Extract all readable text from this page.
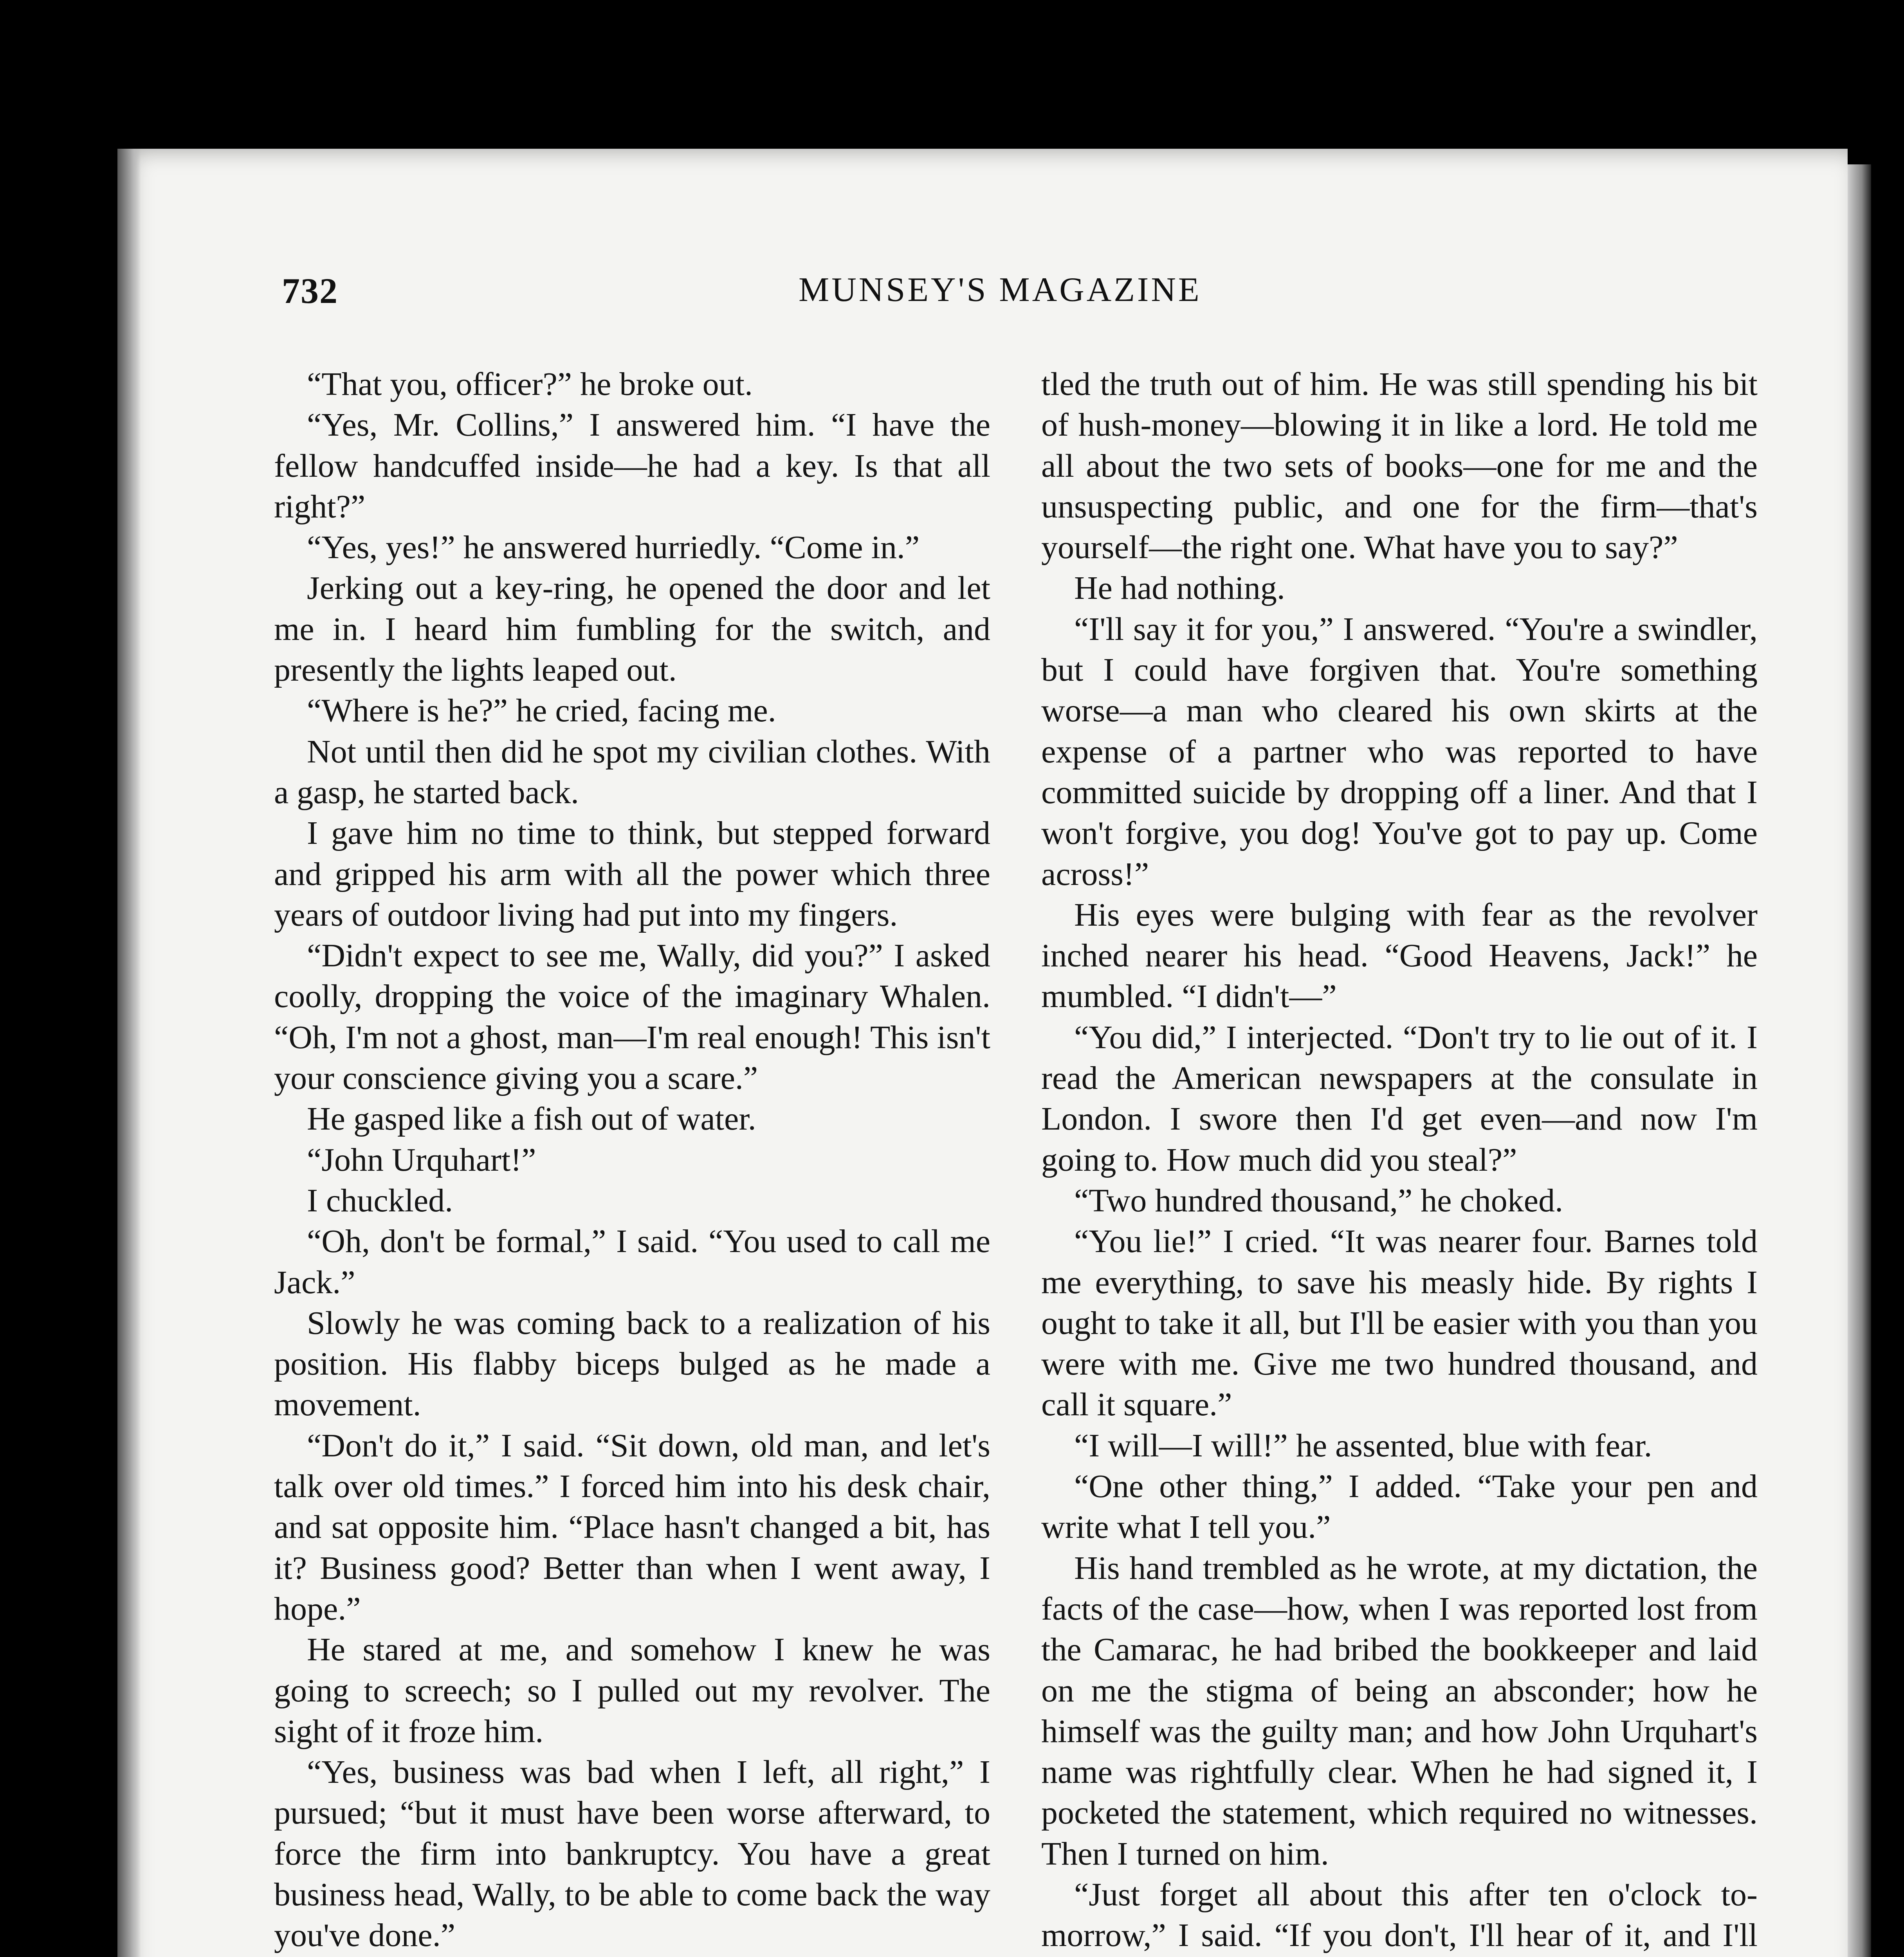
732	MUNSEY'S MAGAZINE

“That you, officer?” he broke out.

“Yes, Mr. Collins,” I answered him. “I have the fellow handcuffed inside—he had a key. Is that all right?”

“Yes, yes!” he answered hurriedly. “Come in.”

Jerking out a key-ring, he opened the door and let me in. I heard him fumbling for the switch, and presently the lights leaped out.

“Where is he?” he cried, facing me.

Not until then did he spot my civilian clothes. With a gasp, he started back.

I gave him no time to think, but stepped forward and gripped his arm with all the power which three years of outdoor living had put into my fingers.

“Didn't expect to see me, Wally, did you?” I asked coolly, dropping the voice of the imaginary Whalen. “Oh, I'm not a ghost, man—I'm real enough! This isn't your conscience giving you a scare.”

He gasped like a fish out of water.

“John Urquhart!”

I chuckled.

“Oh, don't be formal,” I said. “You used to call me Jack.”

Slowly he was coming back to a realization of his position. His flabby biceps bulged as he made a movement.

“Don't do it,” I said. “Sit down, old man, and let's talk over old times.” I forced him into his desk chair, and sat opposite him. “Place hasn't changed a bit, has it? Business good? Better than when I went away, I hope.”

He stared at me, and somehow I knew he was going to screech; so I pulled out my revolver. The sight of it froze him.

“Yes, business was bad when I left, all right,” I pursued; “but it must have been worse afterward, to force the firm into bankruptcy. You have a great business head, Wally, to be able to come back the way you've done.”

tled the truth out of him. He was still spending his bit of hush-money—blowing it in like a lord. He told me all about the two sets of books—one for me and the unsuspecting public, and one for the firm—that's yourself—the right one. What have you to say?”

He had nothing.

“I'll say it for you,” I answered. “You're a swindler, but I could have forgiven that. You're something worse—a man who cleared his own skirts at the expense of a partner who was reported to have committed suicide by dropping off a liner. And that I won't forgive, you dog! You've got to pay up. Come across!”

His eyes were bulging with fear as the revolver inched nearer his head. “Good Heavens, Jack!” he mumbled. “I didn't—”

“You did,” I interjected. “Don't try to lie out of it. I read the American newspapers at the consulate in London. I swore then I'd get even—and now I'm going to. How much did you steal?”

“Two hundred thousand,” he choked.

“You lie!” I cried. “It was nearer four. Barnes told me everything, to save his measly hide. By rights I ought to take it all, but I'll be easier with you than you were with me. Give me two hundred thousand, and call it square.”

“I will—I will!” he assented, blue with fear.

“One other thing,” I added. “Take your pen and write what I tell you.”

His hand trembled as he wrote, at my dictation, the facts of the case—how, when I was reported lost from the Camarac, he had bribed the bookkeeper and laid on me the stigma of being an absconder; how he himself was the guilty man; and how John Urquhart's name was rightfully clear. When he had signed it, I pocketed the statement, which required no witnesses. Then I turned on him.

“Just forget all about this after ten o'clock to-morrow,” I said. “If you don't, I'll hear of it, and I'll
